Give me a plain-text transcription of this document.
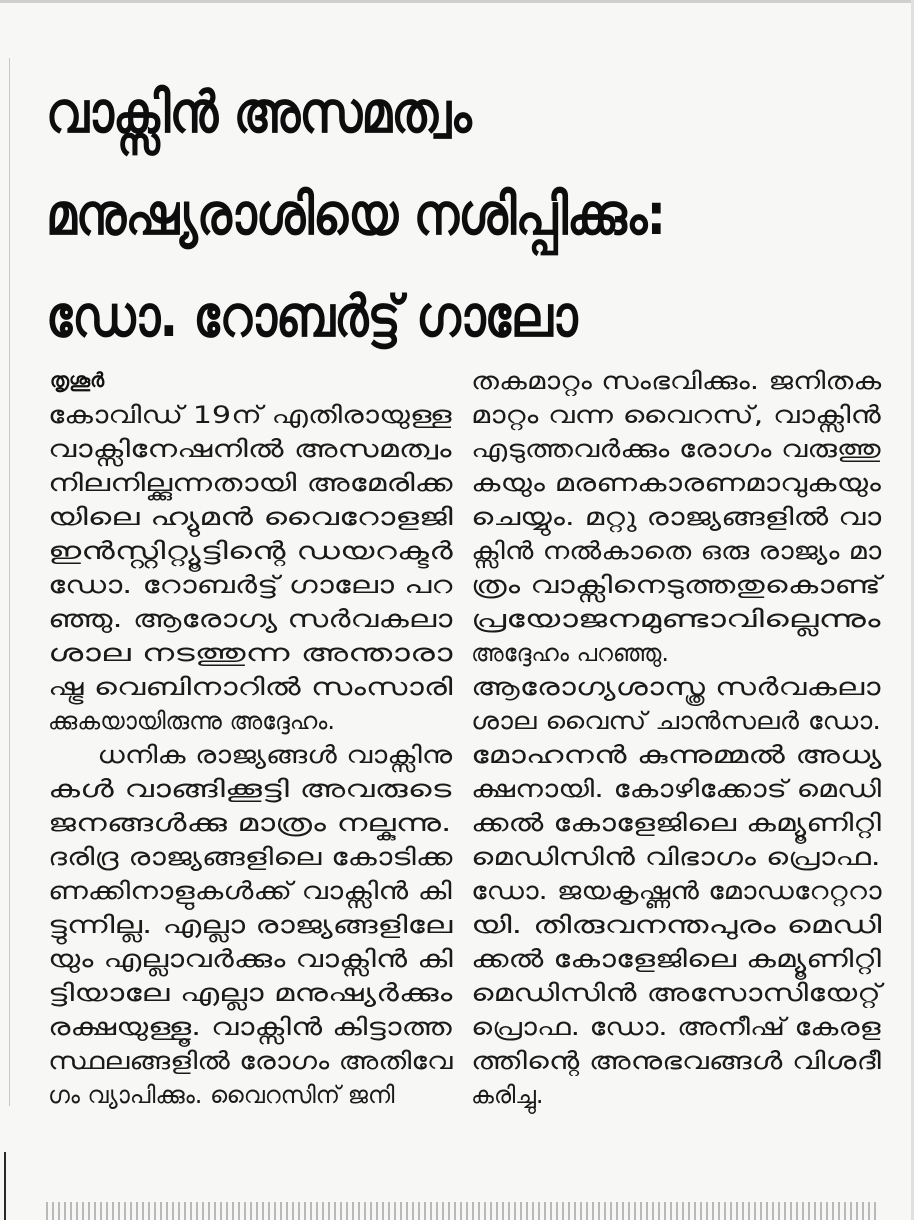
വാക്സിൻ അസമത്വം
മനുഷ്യരാശിയെ നശിപ്പിക്കും:
ഡോ. റോബർട്ട് ഗാലോ
തൃശൂർ

കോവിഡ് 19ന് എതിരായുള്ള
വാക്സിനേഷനിൽ അസമത്വം
നിലനില്ക്കുന്നതായി അമേരിക്ക
യിലെ ഹ്യുമൻ വൈറോളജി
ഇൻസ്റ്റിറ്റ്യൂട്ടിന്റെ ഡയറക്ടർ
ഡോ. റോബർട്ട് ഗാലോ പറ
ഞ്ഞു. ആരോഗ്യ സർവകലാ
ശാല നടത്തുന്ന അന്താരാ
ഷ്ട്ര വെബിനാറിൽ സംസാരി
ക്കുകയായിരുന്നു അദ്ദേഹം.

ധനിക രാജ്യങ്ങൾ വാക്സിനു
കൾ വാങ്ങിക്കൂട്ടി അവരുടെ
ജനങ്ങൾക്കു മാത്രം നല്കുന്നു.
ദരിദ്ര രാജ്യങ്ങളിലെ കോടിക്ക
ണക്കിനാളുകൾക്ക് വാക്സിൻ കി
ട്ടുന്നില്ല. എല്ലാ രാജ്യങ്ങളിലേ
യും എല്ലാവർക്കും വാക്സിൻ കി
ട്ടിയാലേ എല്ലാ മനുഷ്യർക്കും
രക്ഷയുള്ളൂ. വാക്സിൻ കിട്ടാത്ത
സ്ഥലങ്ങളിൽ രോഗം അതിവേ
ഗം വ്യാപിക്കും. വൈറസിന് ജനി

തകമാറ്റം സംഭവിക്കും. ജനിതക
മാറ്റം വന്ന വൈറസ്, വാക്സിൻ
എടുത്തവർക്കും രോഗം വരുത്തു
കയും മരണകാരണമാവുകയും
ചെയ്യും. മറ്റു രാജ്യങ്ങളിൽ വാ
ക്സിൻ നൽകാതെ ഒരു രാജ്യം മാ
ത്രം വാക്സിനെടുത്തതുകൊണ്ട്
പ്രയോജനമുണ്ടാവില്ലെന്നും
അദ്ദേഹം പറഞ്ഞു.

ആരോഗ്യശാസ്ത്ര സർവകലാ
ശാല വൈസ് ചാൻസലർ ഡോ.
മോഹനൻ കുന്നുമ്മൽ അധ്യ
ക്ഷനായി. കോഴിക്കോട് മെഡി
ക്കൽ കോളേജിലെ കമ്യൂണിറ്റി
മെഡിസിൻ വിഭാഗം പ്രൊഫ.
ഡോ. ജയകൃഷ്ണൻ മോഡറേറ്ററാ
യി. തിരുവനന്തപുരം മെഡി
ക്കൽ കോളേജിലെ കമ്യൂണിറ്റി
മെഡിസിൻ അസോസിയേറ്റ്
പ്രൊഫ. ഡോ. അനീഷ് കേരള
ത്തിന്റെ അനുഭവങ്ങൾ വിശദീ
കരിച്ചു.
